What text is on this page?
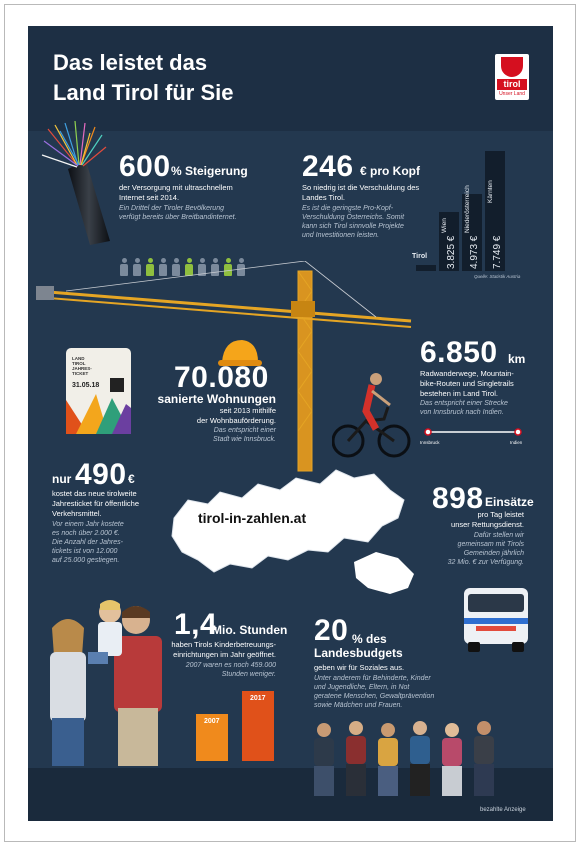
Das leistet das
Land Tirol für Sie	tirol
Unser Land
600 % Steigerung
der Versorgung mit ultraschnellem
Internet seit 2014.
Ein Drittel der Tiroler Bevölkerung
verfügt bereits über Breitbandinternet.
246 € pro Kopf
So niedrig ist die Verschuldung des
Landes Tirol.
Es ist die geringste Pro-Kopf-
Verschuldung Österreichs. Somit
kann sich Tirol sinnvolle Projekte
und Investitionen leisten.
Tirol
Wien
3.825 €
Niederösterreich
4.973 €
Kärnten
7.749 €
Quelle: Statistik Austria
LAND
TIROL
JAHRES-
TICKET
31.05.18 70.080
sanierte Wohnungen
seit 2013 mithilfe
der Wohnbauförderung.
Das entspricht einer
Stadt wie Innsbruck.
6.850 km
Radwanderwege, Mountain-
bike-Routen und Singletrails
bestehen im Land Tirol.
Das entspricht einer Strecke
von Innsbruck nach Indien.
Innsbruck	Indien
nur 490 €
kostet das neue tirolweite
Jahresticket für öffentliche
Verkehrsmittel.
Vor einem Jahr kostete
es noch über 2.000 €.
Die Anzahl der Jahres-
tickets ist von 12.000
auf 25.000 gestiegen.
tirol-in-zahlen.at
898 Einsätze
pro Tag leistet
unser Rettungsdienst.
Dafür stellen wir
gemeinsam mit Tirols
Gemeinden jährlich
32 Mio. € zur Verfügung.
1,4
Mio. Stunden
haben Tirols Kinderbetreuungs-
einrichtungen im Jahr geöffnet.
2007 waren es noch 459.000
Stunden weniger.
2007
2017
20 % des
Landesbudgets
geben wir für Soziales aus.
Unter anderem für Behinderte, Kinder
und Jugendliche, Eltern, in Not
geratene Menschen, Gewaltprävention
sowie Mädchen und Frauen.
bezahlte Anzeige
